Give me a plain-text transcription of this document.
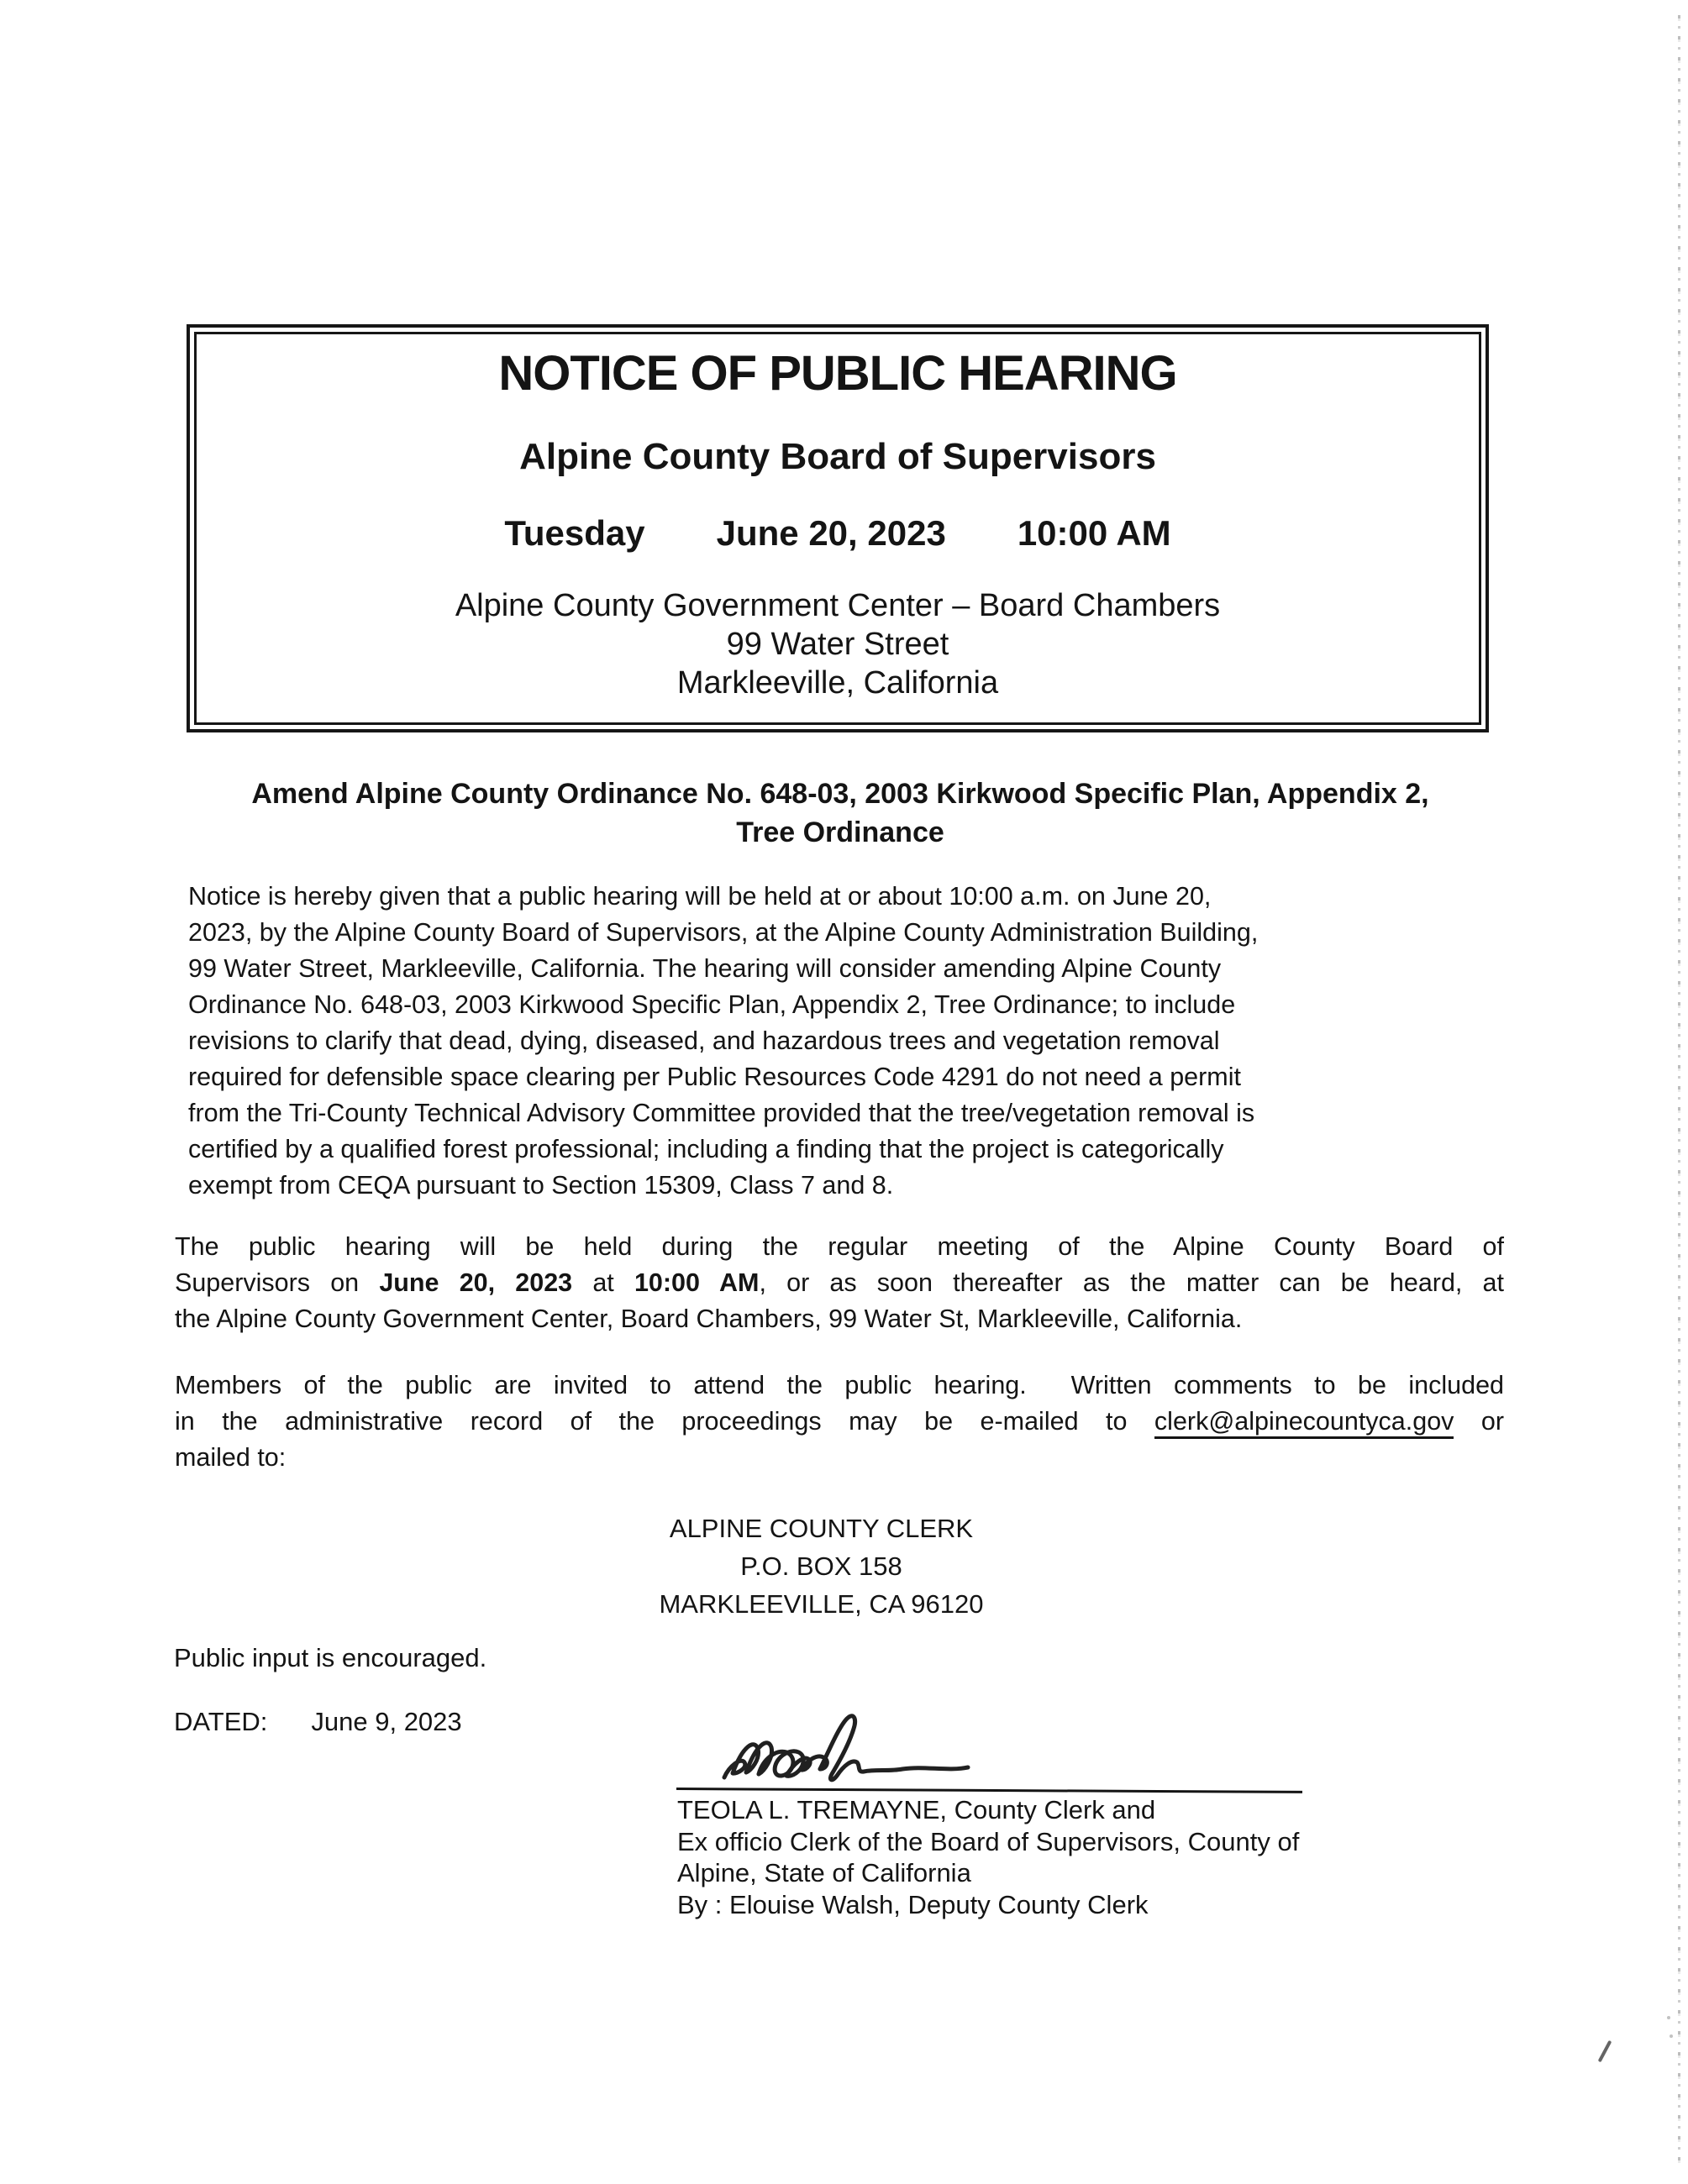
NOTICE OF PUBLIC HEARING
Alpine County Board of Supervisors
Tuesday June 20, 2023 10:00 AM
Alpine County Government Center – Board Chambers
99 Water Street
Markleeville, California
Amend Alpine County Ordinance No. 648-03, 2003 Kirkwood Specific Plan, Appendix 2,
Tree Ordinance
Notice is hereby given that a public hearing will be held at or about 10:00 a.m. on June 20,
2023, by the Alpine County Board of Supervisors, at the Alpine County Administration Building,
99 Water Street, Markleeville, California. The hearing will consider amending Alpine County
Ordinance No. 648-03, 2003 Kirkwood Specific Plan, Appendix 2, Tree Ordinance; to include
revisions to clarify that dead, dying, diseased, and hazardous trees and vegetation removal
required for defensible space clearing per Public Resources Code 4291 do not need a permit
from the Tri-County Technical Advisory Committee provided that the tree/vegetation removal is
certified by a qualified forest professional; including a finding that the project is categorically
exempt from CEQA pursuant to Section 15309, Class 7 and 8.
The public hearing will be held during the regular meeting of the Alpine County Board of
Supervisors on June 20, 2023 at 10:00 AM, or as soon thereafter as the matter can be heard, at
the Alpine County Government Center, Board Chambers, 99 Water St, Markleeville, California.
Members of the public are invited to attend the public hearing.  Written comments to be included
in the administrative record of the proceedings may be e-mailed to clerk@alpinecountyca.gov or
mailed to:
ALPINE COUNTY CLERK
P.O. BOX 158
MARKLEEVILLE, CA 96120
Public input is encouraged.
DATED: June 9, 2023
TEOLA L. TREMAYNE, County Clerk and
Ex officio Clerk of the Board of Supervisors, County of
Alpine, State of California
By : Elouise Walsh, Deputy County Clerk
